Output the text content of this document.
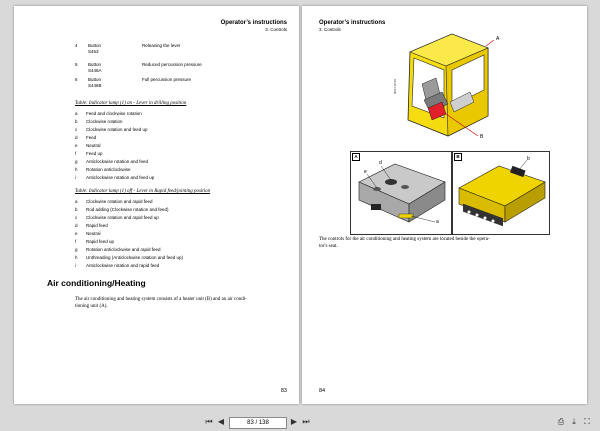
Operator’s instructions
3. Controls
4	Button
S453
Releasing the lever
5	Button
S446A
Reduced percussion pressure
6	Button
S446B
Full percussion pressure
Table: Indicator lamp (1) on - Lever in drilling position
a Feed and clockwise rotation
b Clockwise rotation
c Clockwise rotation and feed up
d Feed
e Neutral
f Feed up
g Anticlockwise rotation and feed
h Rotation anticlockwise
i Anticlockwise rotation and feed up
Table: Indicator lamp (1) off - Lever in Rapid feed/jointing position
a Clockwise rotation and rapid feed
b Rod adding (Clockwise rotation and feed)
c Clockwise rotation and rapid feed up
d Rapid feed
e Neutral
f Rapid feed up
g Rotation anticlockwise and rapid feed
h Unthreading (Anticlockwise rotation and feed up)
i Anticlockwise rotation and rapid feed
Air conditioning/Heating
The air conditioning and heating system consists of a heater unit (B) and an air condi-
tioning unit (A).
83
Operator’s instructions
3. Controls
0004 18 05
A
B
A
d
e
a
B	b
The controls for the air conditioning and heating system are located beside the opera-
tor's seat.
84
⏮ ◀	83 / 138	▶ ⏭	⎙	⤓	⛶
